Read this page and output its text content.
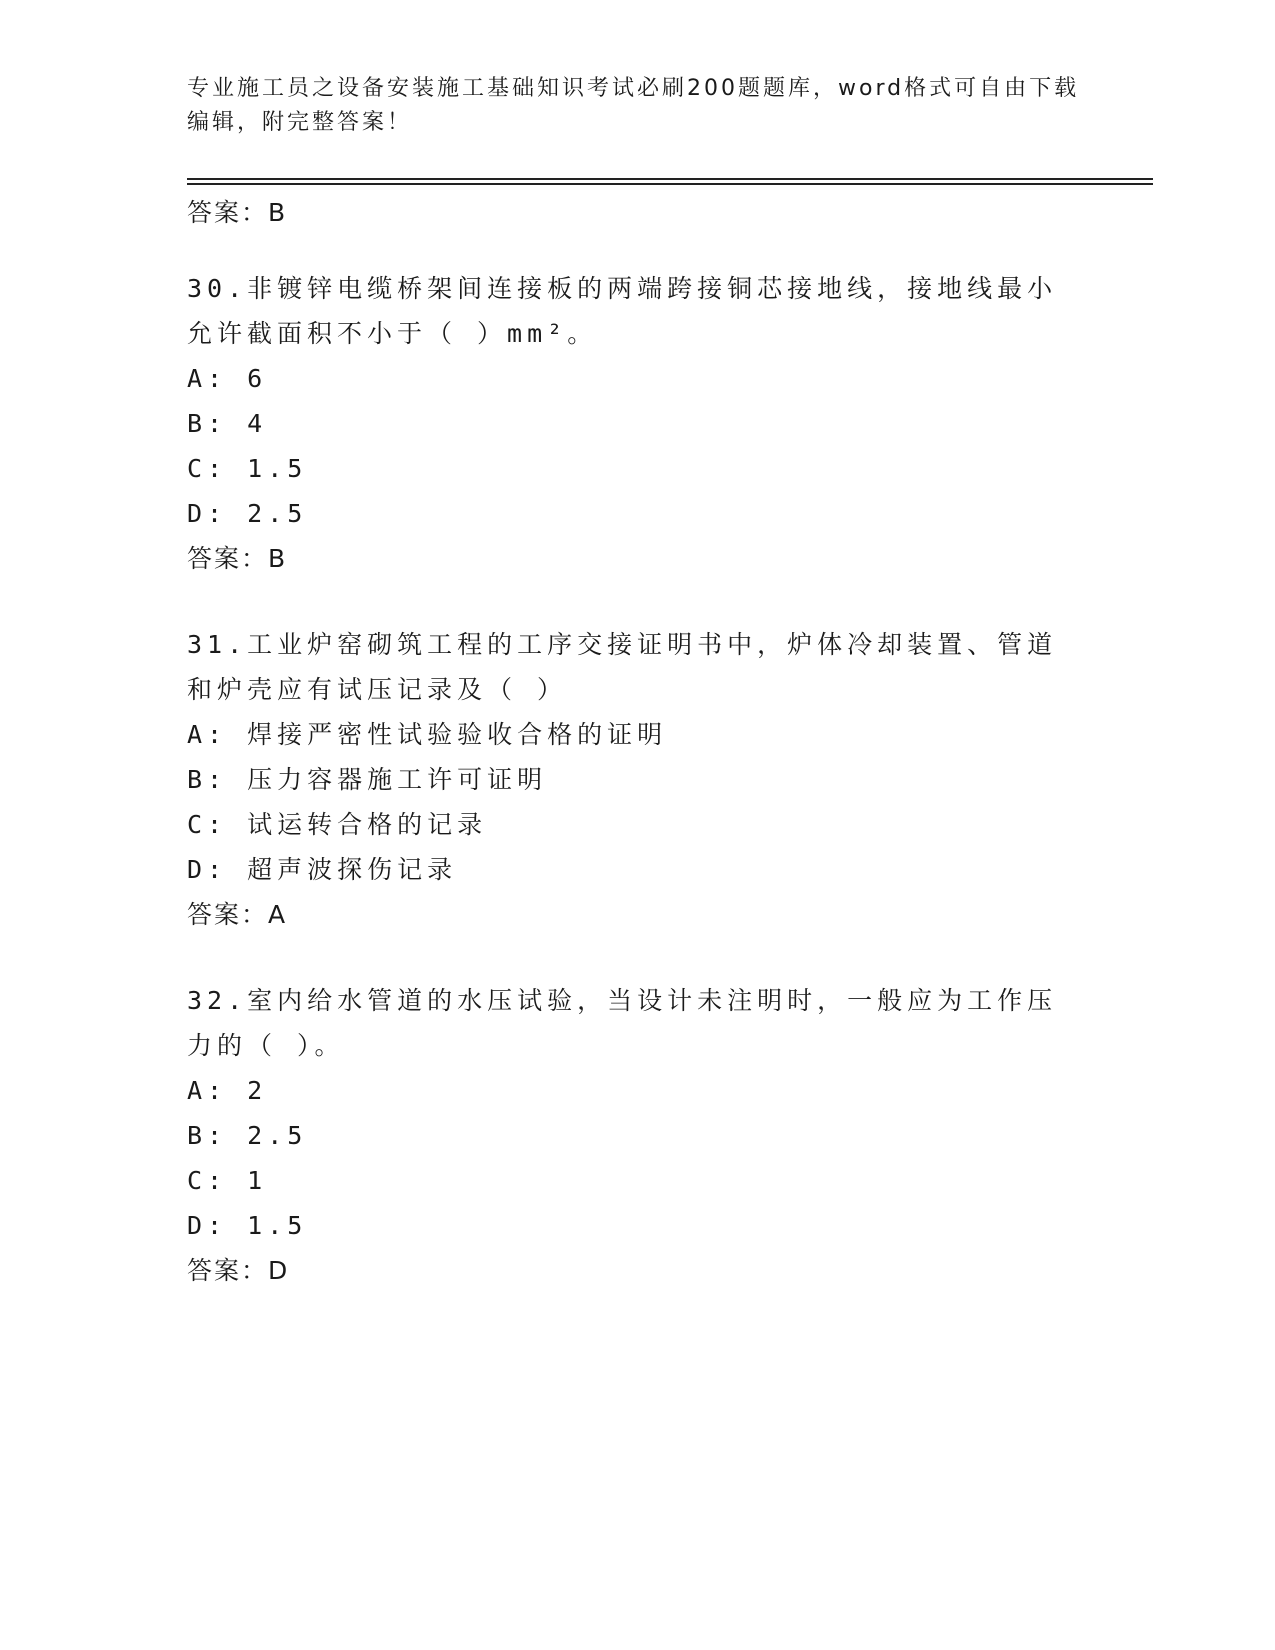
专业施工员之设备安装施工基础知识考试必刷200题题库，word格式可自由下载编辑，附完整答案！
答案：B
30.非镀锌电缆桥架间连接板的两端跨接铜芯接地线，接地线最小允许截面积不小于（ ）mm²。
A: 6
B: 4
C: 1.5
D: 2.5
答案：B
31.工业炉窑砌筑工程的工序交接证明书中，炉体冷却装置、管道和炉壳应有试压记录及（ ）
A: 焊接严密性试验验收合格的证明
B: 压力容器施工许可证明
C: 试运转合格的记录
D: 超声波探伤记录
答案：A
32.室内给水管道的水压试验，当设计未注明时，一般应为工作压力的（ ）。
A: 2
B: 2.5
C: 1
D: 1.5
答案：D
